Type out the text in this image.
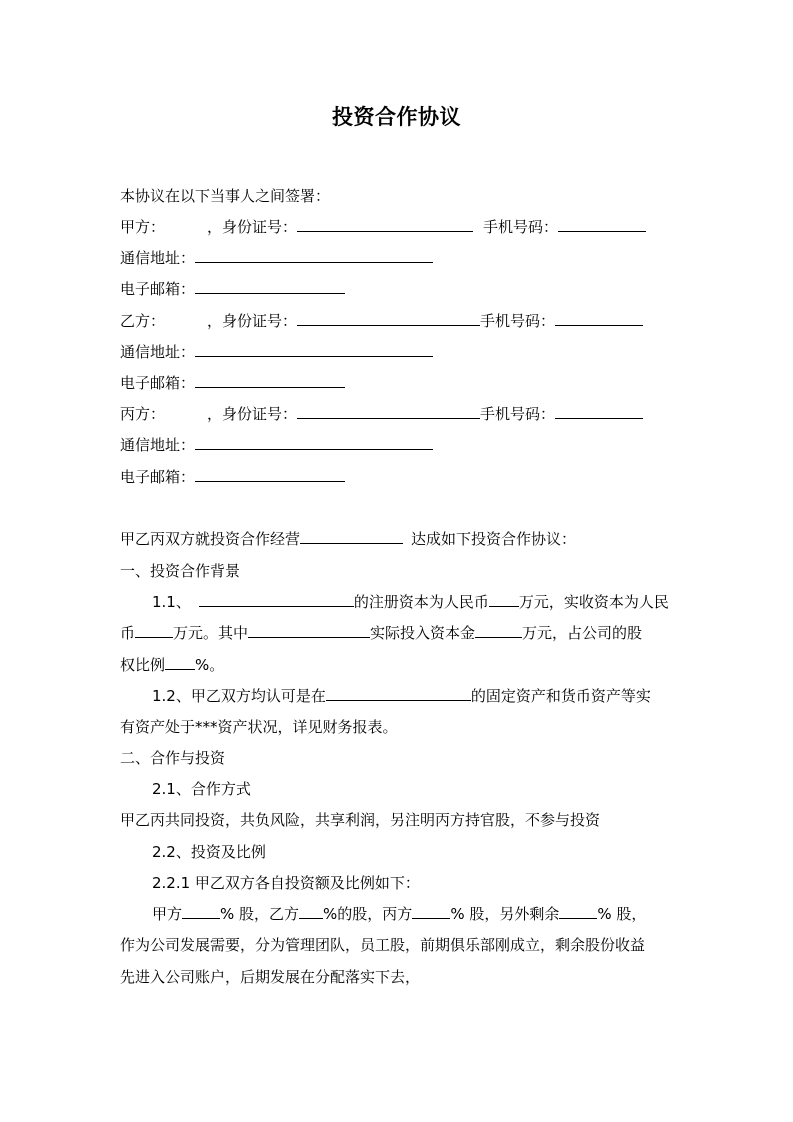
投资合作协议
本协议在以下当事人之间签署：
甲方：	，身份证号：	手机号码：
通信地址：
电子邮箱：
乙方：	，身份证号：	手机号码：
通信地址：
电子邮箱：
丙方：	，身份证号：	手机号码：
通信地址：
电子邮箱：
甲乙丙双方就投资合作经营	达成如下投资合作协议：
一、投资合作背景
1.1、	的注册资本为人民币 万元，实收资本为人民
币	万元。其中	实际投入资本金	万元，占公司的股
权比例 %。
1.2、甲乙双方均认可是在	的固定资产和货币资产等实
有资产处于***资产状况，详见财务报表。
二、合作与投资
2.1、合作方式
甲乙丙共同投资，共负风险，共享利润，另注明丙方持官股，不参与投资
2.2、投资及比例
2.2.1 甲乙双方各自投资额及比例如下：
甲方	% 股，乙方 %的股，丙方	% 股，另外剩余	% 股，
作为公司发展需要，分为管理团队，员工股，前期俱乐部刚成立，剩余股份收益
先进入公司账户，后期发展在分配落实下去，
